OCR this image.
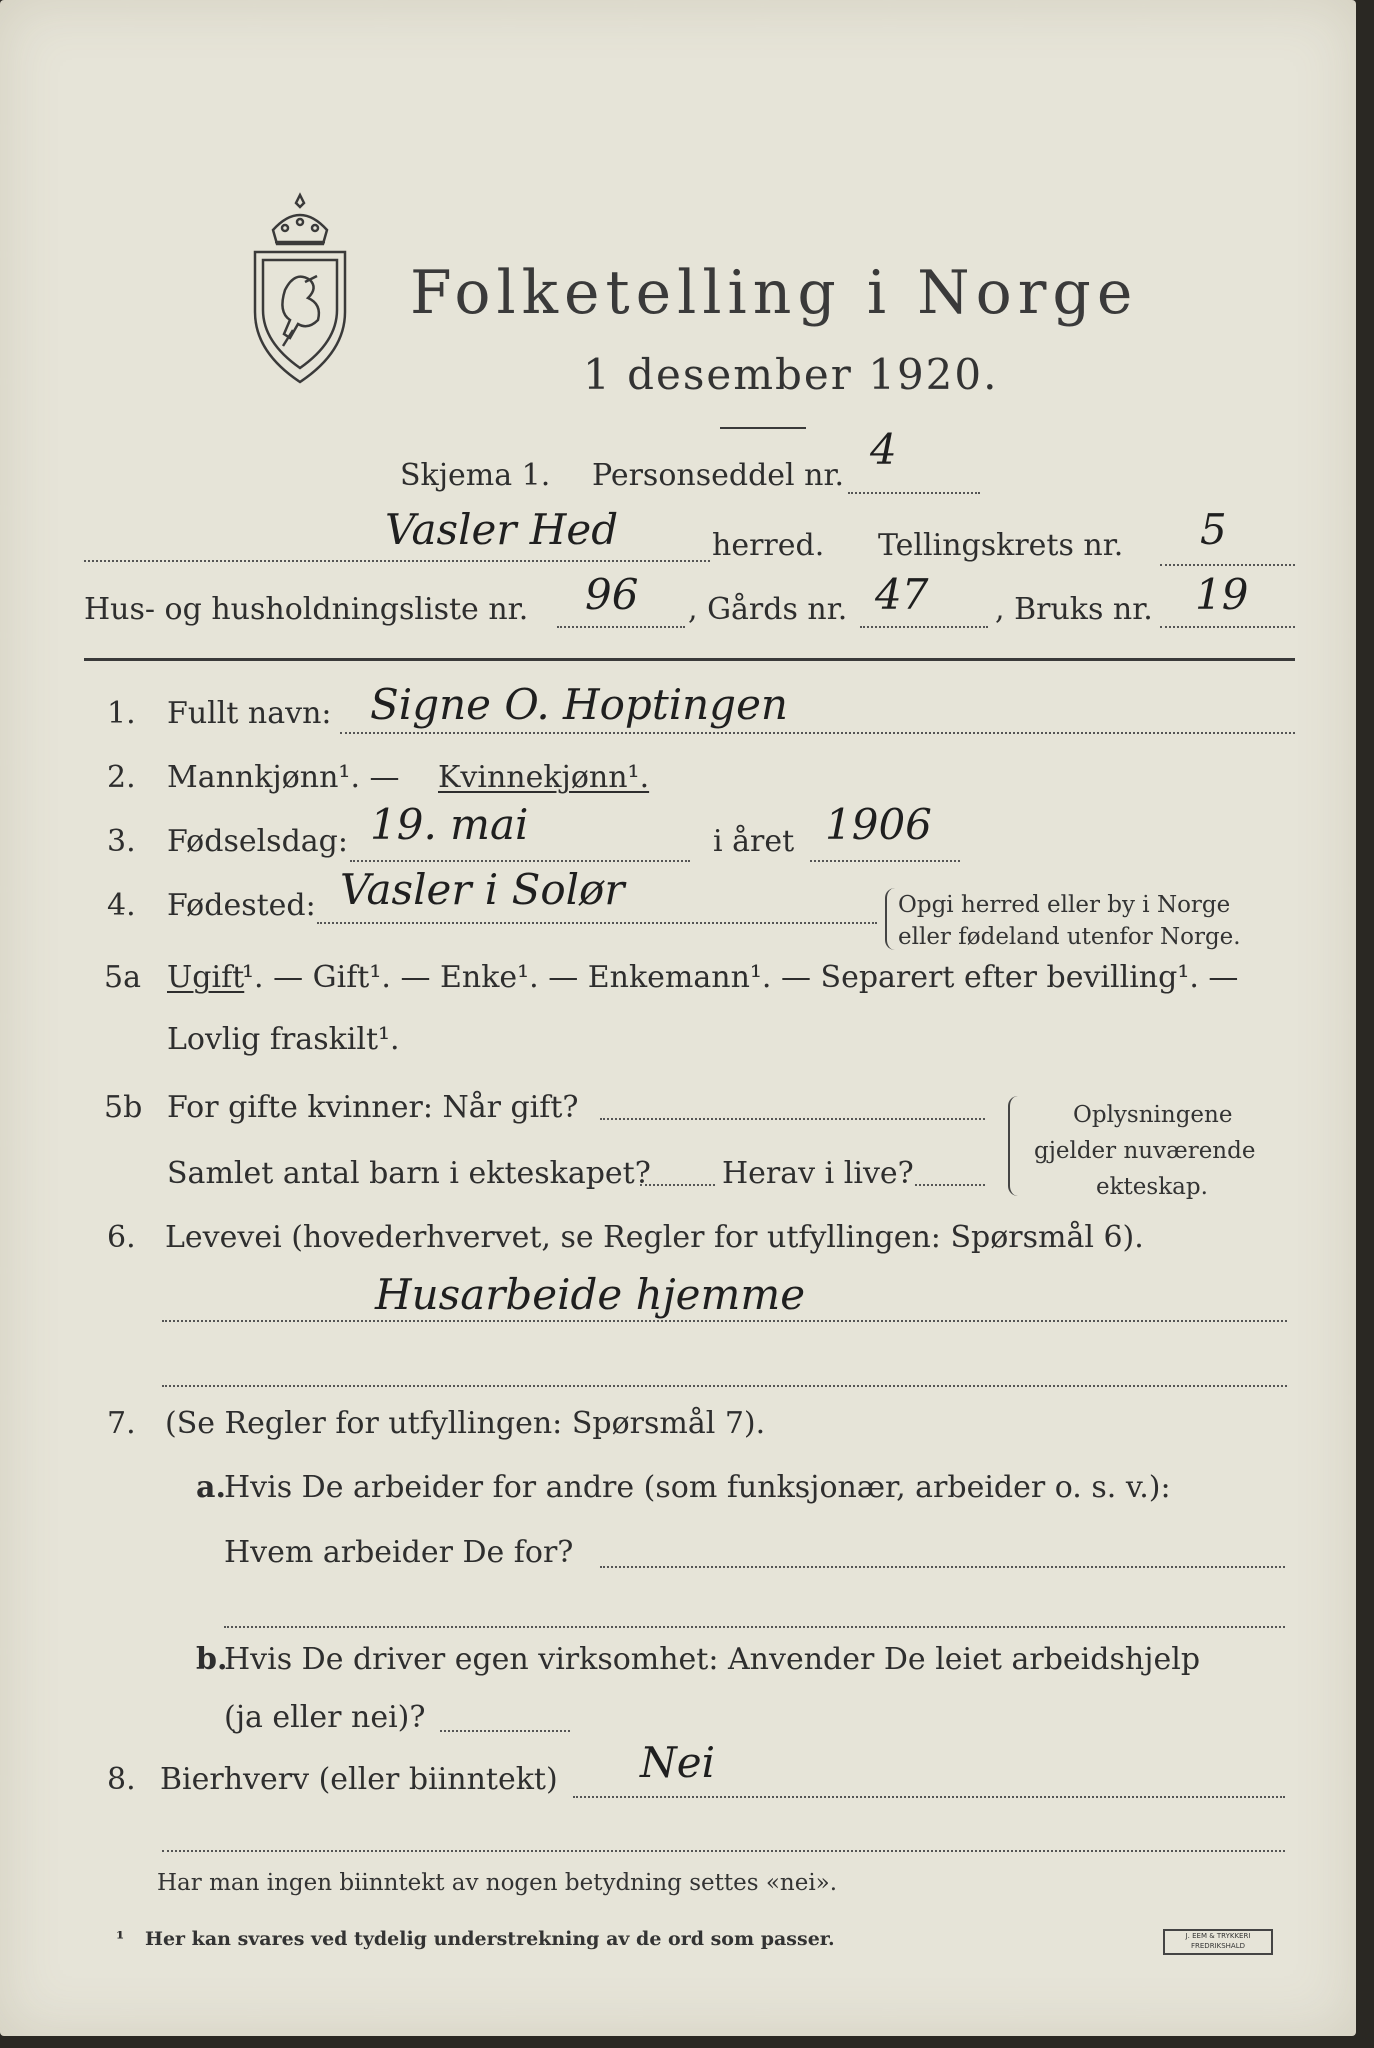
Folketelling i Norge
1 desember 1920.
Skjema 1. Personseddel nr.
4
Vasler Hed	herred. Tellingskrets nr. 5
Hus- og husholdningsliste nr. 96 , Gårds nr. 47 , Bruks nr. 19
1. Fullt navn: Signe O. Hoptingen
2. Mannkjønn¹. — Kvinnekjønn¹.
3. Fødselsdag: 19. mai	i året 1906
4. Fødested: Vasler i Solør	Opgi herred eller by i Norge
eller fødeland utenfor Norge.
5a Ugift
¹. — Gift¹. — Enke¹. — Enkemann¹. — Separert efter bevilling¹. —
Lovlig fraskilt¹.
5b For gifte kvinner: Når gift?
Samlet antal barn i ekteskapet? Herav i live?
Oplysningene
gjelder nuværende
ekteskap.
6. Levevei (hovederhvervet, se Regler for utfyllingen: Spørsmål 6).
Husarbeide hjemme
7. (Se Regler for utfyllingen: Spørsmål 7).
a.
Hvis De arbeider for andre (som funksjonær, arbeider o. s. v.):
Hvem arbeider De for?
b.
Hvis De driver egen virksomhet: Anvender De leiet arbeidshjelp
(ja eller nei)?
8. Bierhverv (eller biinntekt) Nei
Har man ingen biinntekt av nogen betydning settes «nei».
¹ Her kan svares ved tydelig understrekning av de ord som passer.	J. EEM & TRYKKERI FREDRIKSHALD
